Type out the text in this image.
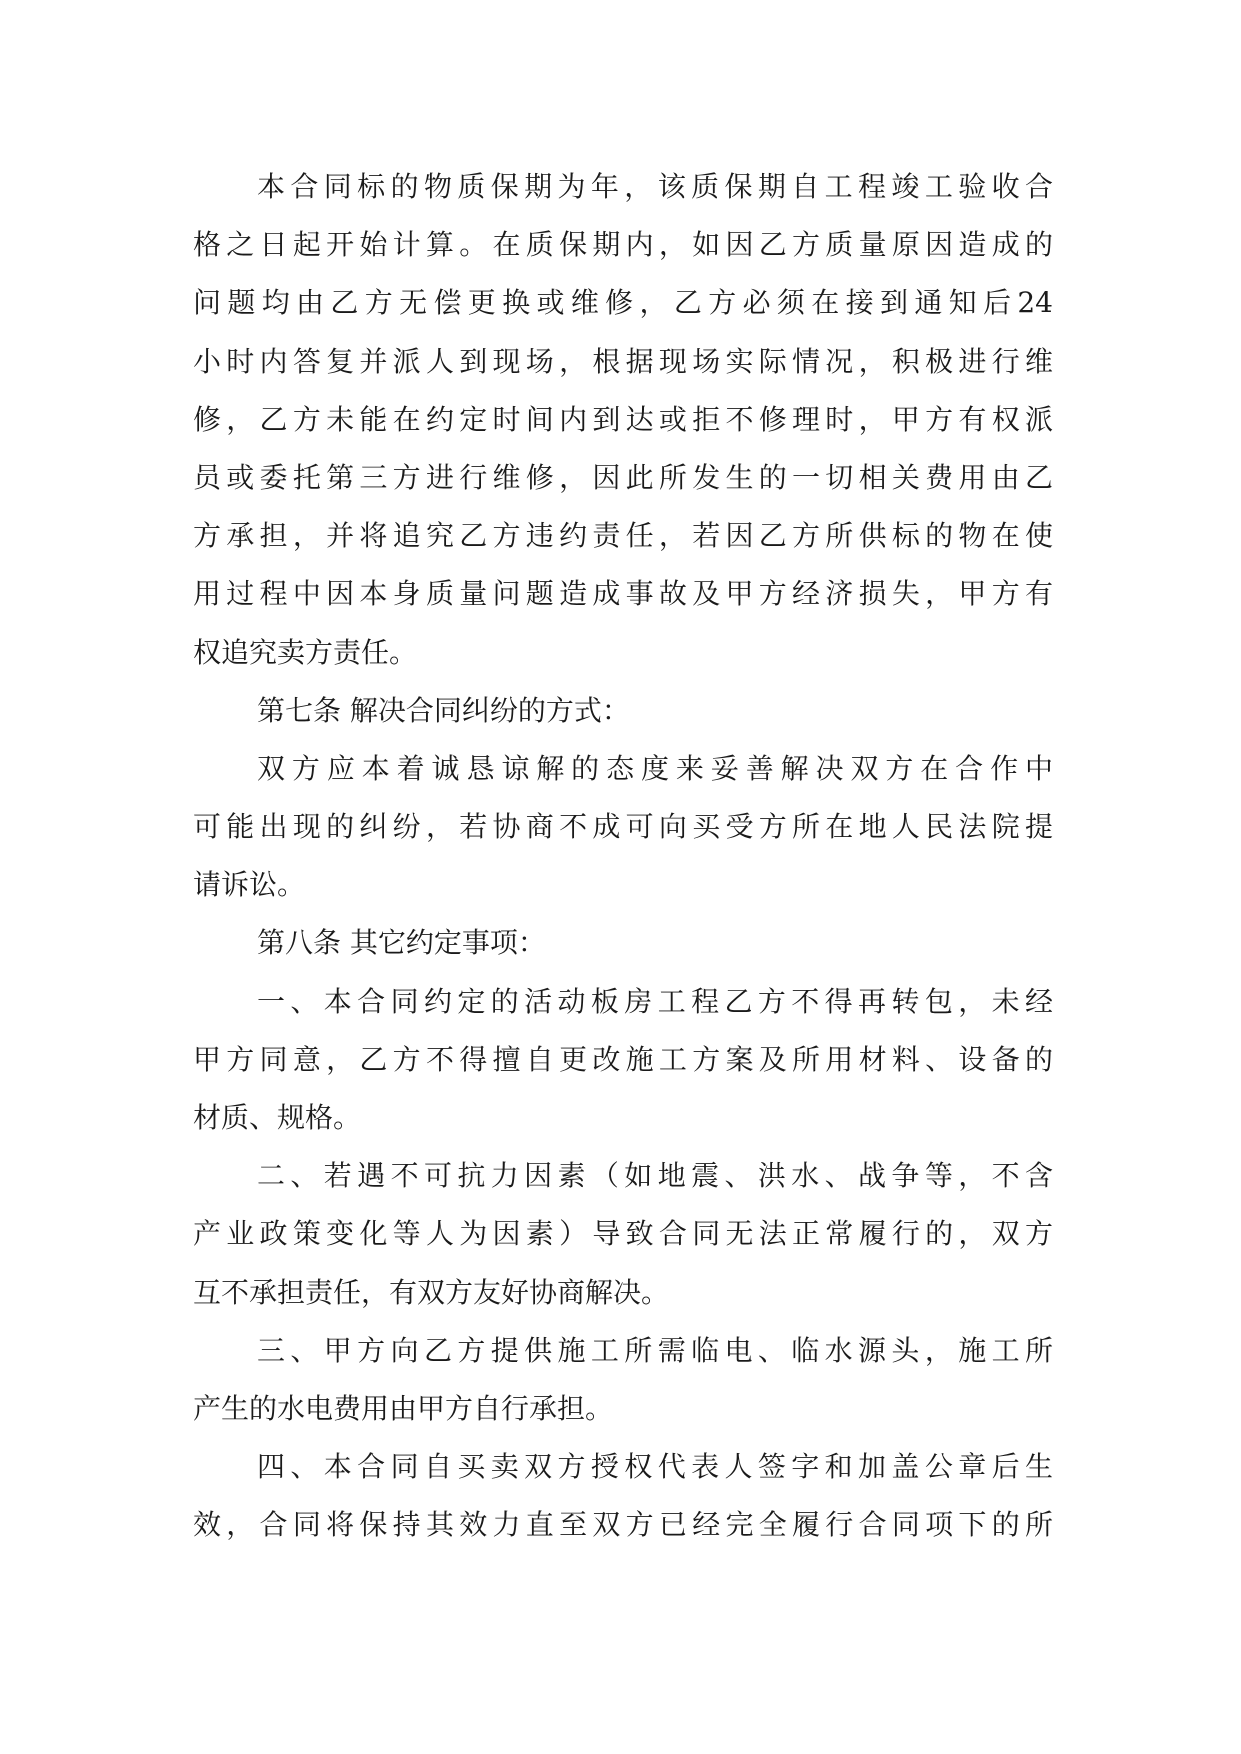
本合同标的物质保期为年，该质保期自工程竣工验收合
格之日起开始计算。在质保期内，如因乙方质量原因造成的
问题均由乙方无偿更换或维修，乙方必须在接到通知后24
小时内答复并派人到现场，根据现场实际情况，积极进行维
修，乙方未能在约定时间内到达或拒不修理时，甲方有权派
员或委托第三方进行维修，因此所发生的一切相关费用由乙
方承担，并将追究乙方违约责任，若因乙方所供标的物在使
用过程中因本身质量问题造成事故及甲方经济损失，甲方有
权追究卖方责任。
第七条 解决合同纠纷的方式：
双方应本着诚恳谅解的态度来妥善解决双方在合作中
可能出现的纠纷，若协商不成可向买受方所在地人民法院提
请诉讼。
第八条 其它约定事项：
一、本合同约定的活动板房工程乙方不得再转包，未经
甲方同意，乙方不得擅自更改施工方案及所用材料、设备的
材质、规格。
二、若遇不可抗力因素（如地震、洪水、战争等，不含
产业政策变化等人为因素）导致合同无法正常履行的，双方
互不承担责任，有双方友好协商解决。
三、甲方向乙方提供施工所需临电、临水源头，施工所
产生的水电费用由甲方自行承担。
四、本合同自买卖双方授权代表人签字和加盖公章后生
效，合同将保持其效力直至双方已经完全履行合同项下的所
